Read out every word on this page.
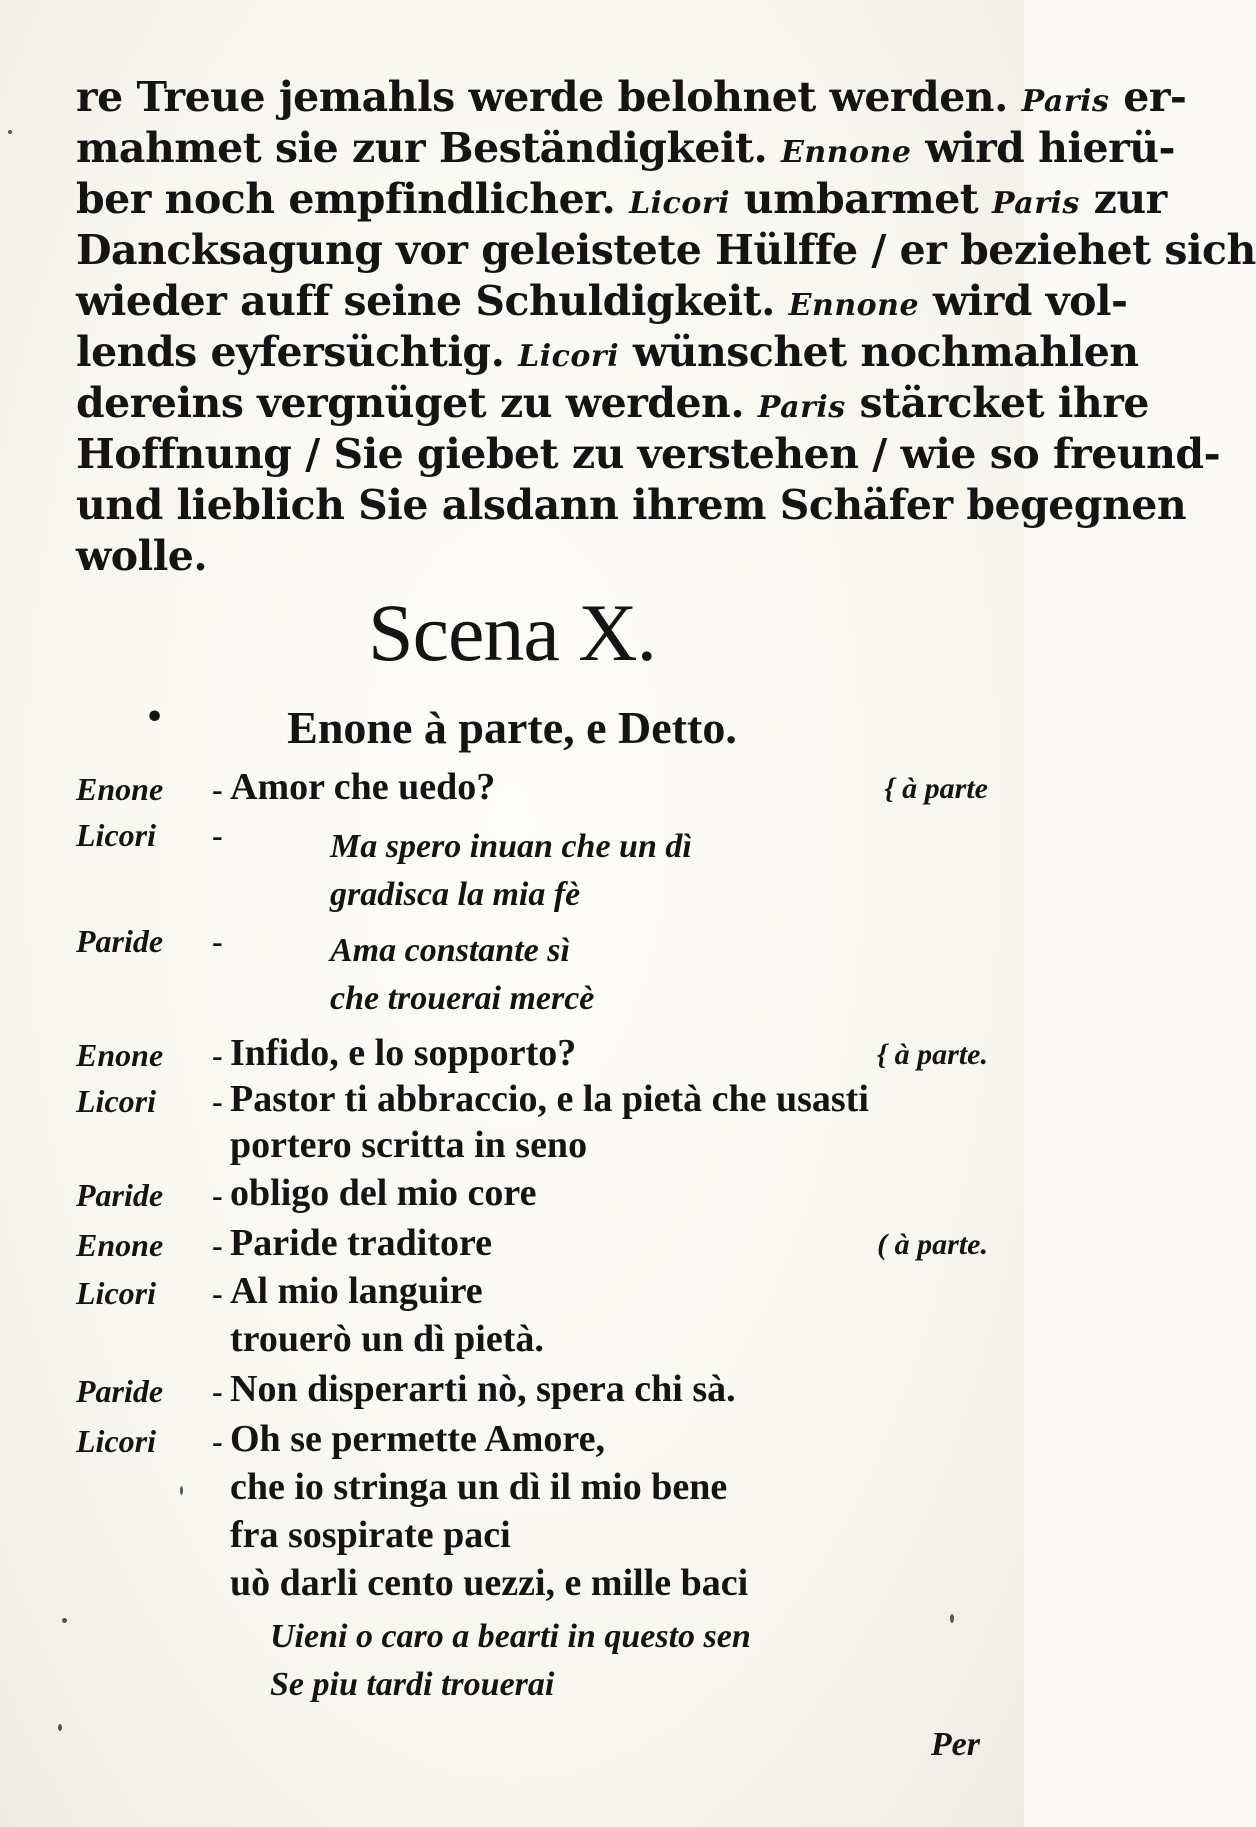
re Treue jemahls werde belohnet werden. Paris er-
mahmet sie zur Beständigkeit. Ennone wird hierü-
ber noch empfindlicher. Licori umbarmet Paris zur
Dancksagung vor geleistete Hülffe / er beziehet sich
wieder auff seine Schuldigkeit. Ennone wird vol-
lends eyfersüchtig. Licori wünschet nochmahlen
dereins vergnüget zu werden. Paris stärcket ihre
Hoffnung / Sie giebet zu verstehen / wie so freund-
und lieblich Sie alsdann ihrem Schäfer begegnen
wolle.
•
Scena X.
Enone à parte, e Detto.
Enone - Amor che uedo?	{ à parte
Licori -	Ma spero inuan che un dì
gradisca la mia fè
Paride -	Ama constante sì
che trouerai mercè
Enone - Infido, e lo sopporto?	{ à parte.
Licori - Pastor ti abbraccio, e la pietà che usasti
portero scritta in seno
Paride - obligo del mio core
Enone - Paride traditore	( à parte.
Licori - Al mio languire
trouerò un dì pietà.
Paride - Non disperarti nò, spera chi sà.
Licori - Oh se permette Amore,
che io stringa un dì il mio bene
fra sospirate paci
uò darli cento uezzi, e mille baci
Uieni o caro a bearti in questo sen
Se piu tardi trouerai
Per
